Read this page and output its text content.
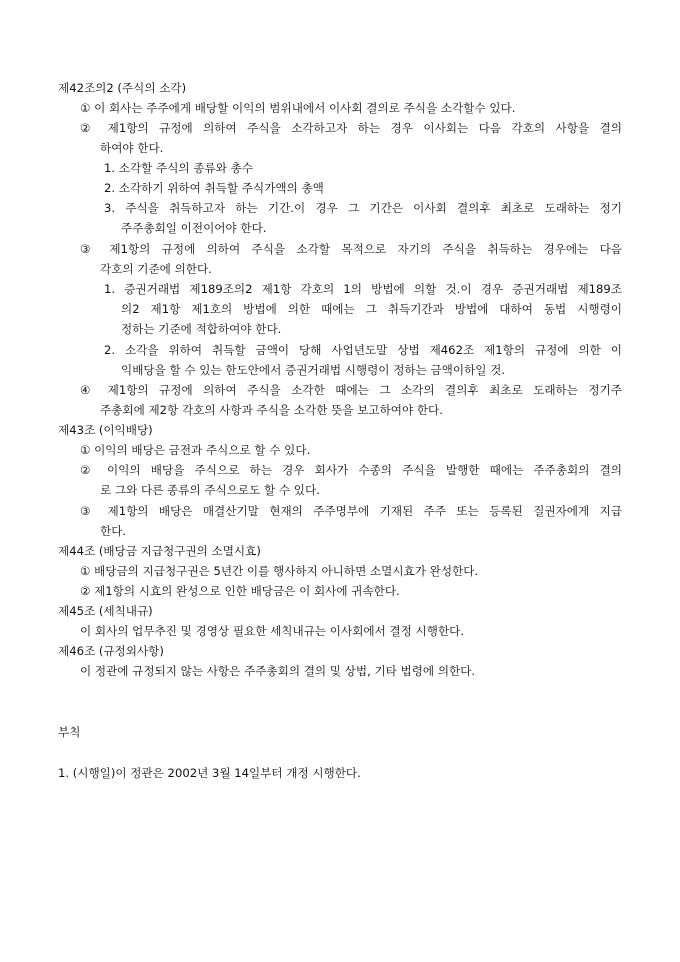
제42조의2 (주식의 소각)
① 이 회사는 주주에게 배당할 이익의 범위내에서 이사회 결의로 주식을 소각할수 있다.
② 제1항의 규정에 의하여 주식을 소각하고자 하는 경우 이사회는 다음 각호의 사항을 결의
하여야 한다.
1. 소각할 주식의 종류와 총수
2. 소각하기 위하여 취득할 주식가액의 총액
3. 주식을 취득하고자 하는 기간.이 경우 그 기간은 이사회 결의후 최초로 도래하는 정기
주주총회일 이전이어야 한다.
③ 제1항의 규정에 의하여 주식을 소각할 목적으로 자기의 주식을 취득하는 경우에는 다음
각호의 기준에 의한다.
1. 증권거래법 제189조의2 제1항 각호의 1의 방법에 의할 것.이 경우 증권거래법 제189조
의2 제1항 제1호의 방법에 의한 때에는 그 취득기간과 방법에 대하여 동법 시행령이
정하는 기준에 적합하여야 한다.
2. 소각을 위하여 취득할 금액이 당해 사업년도말 상법 제462조 제1항의 규정에 의한 이
익배당을 할 수 있는 한도안에서 증권거래법 시행령이 정하는 금액이하일 것.
④ 제1항의 규정에 의하여 주식을 소각한 때에는 그 소각의 결의후 최초로 도래하는 정기주
주총회에 제2항 각호의 사항과 주식을 소각한 뜻을 보고하여야 한다.
제43조 (이익배당)
① 이익의 배당은 금전과 주식으로 할 수 있다.
② 이익의 배당을 주식으로 하는 경우 회사가 수종의 주식을 발행한 때에는 주주총회의 결의
로 그와 다른 종류의 주식으로도 할 수 있다.
③ 제1항의 배당은 매결산기말 현재의 주주명부에 기재된 주주 또는 등록된 질권자에게 지급
한다.
제44조 (배당금 지급청구권의 소멸시효)
① 배당금의 지급청구권은 5년간 이를 행사하지 아니하면 소멸시효가 완성한다.
② 제1항의 시효의 완성으로 인한 배당금은 이 회사에 귀속한다.
제45조 (세칙내규)
이 회사의 업무추진 및 경영상 필요한 세칙내규는 이사회에서 결정 시행한다.
제46조 (규정외사항)
이 정관에 규정되지 않는 사항은 주주총회의 결의 및 상법, 기타 법령에 의한다.
부칙
1. (시행일)이 정관은 2002년 3월 14일부터 개정 시행한다.
